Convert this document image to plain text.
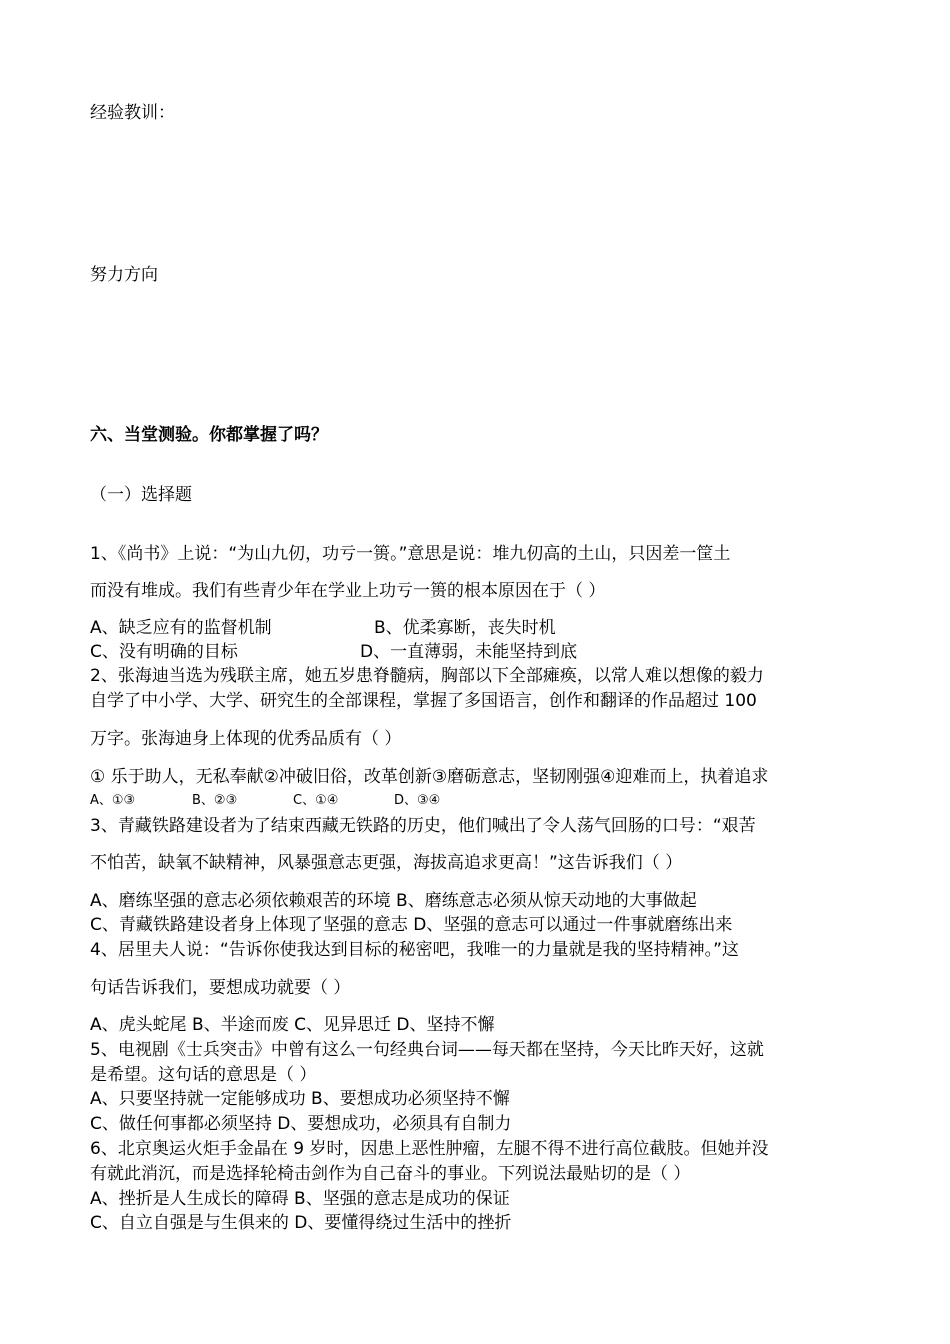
经验教训：
努力方向
六、当堂测验。你都掌握了吗？
（一）选择题
1、《尚书》上说：“为山九仞，功亏一篑。”意思是说：堆九仞高的土山，只因差一筐土
而没有堆成。我们有些青少年在学业上功亏一篑的根本原因在于（ ）
A、缺乏应有的监督机制	B、优柔寡断，丧失时机
C、没有明确的目标	D、一直薄弱，未能坚持到底
2、张海迪当选为残联主席，她五岁患脊髓病，胸部以下全部瘫痪，以常人难以想像的毅力
自学了中小学、大学、研究生的全部课程，掌握了多国语言，创作和翻译的作品超过 100
万字。张海迪身上体现的优秀品质有（ ）
① 乐于助人，无私奉献②冲破旧俗，改革创新③磨砺意志，坚韧刚强④迎难而上，执着追求
A、①③	B、②③	C、①④	D、③④
3、青藏铁路建设者为了结束西藏无铁路的历史，他们喊出了令人荡气回肠的口号：“艰苦
不怕苦，缺氧不缺精神，风暴强意志更强，海拔高追求更高！”这告诉我们（ ）
A、磨练坚强的意志必须依赖艰苦的环境 B、磨练意志必须从惊天动地的大事做起
C、青藏铁路建设者身上体现了坚强的意志 D、坚强的意志可以通过一件事就磨练出来
4、居里夫人说：“告诉你使我达到目标的秘密吧，我唯一的力量就是我的坚持精神。”这
句话告诉我们，要想成功就要（ ）
A、虎头蛇尾 B、半途而废 C、见异思迁 D、坚持不懈
5、电视剧《士兵突击》中曾有这么一句经典台词——每天都在坚持，今天比昨天好，这就
是希望。这句话的意思是（ ）
A、只要坚持就一定能够成功 B、要想成功必须坚持不懈
C、做任何事都必须坚持 D、要想成功，必须具有自制力
6、北京奥运火炬手金晶在 9 岁时，因患上恶性肿瘤，左腿不得不进行高位截肢。但她并没
有就此消沉，而是选择轮椅击剑作为自己奋斗的事业。下列说法最贴切的是（ ）
A、挫折是人生成长的障碍 B、坚强的意志是成功的保证
C、自立自强是与生俱来的 D、要懂得绕过生活中的挫折
